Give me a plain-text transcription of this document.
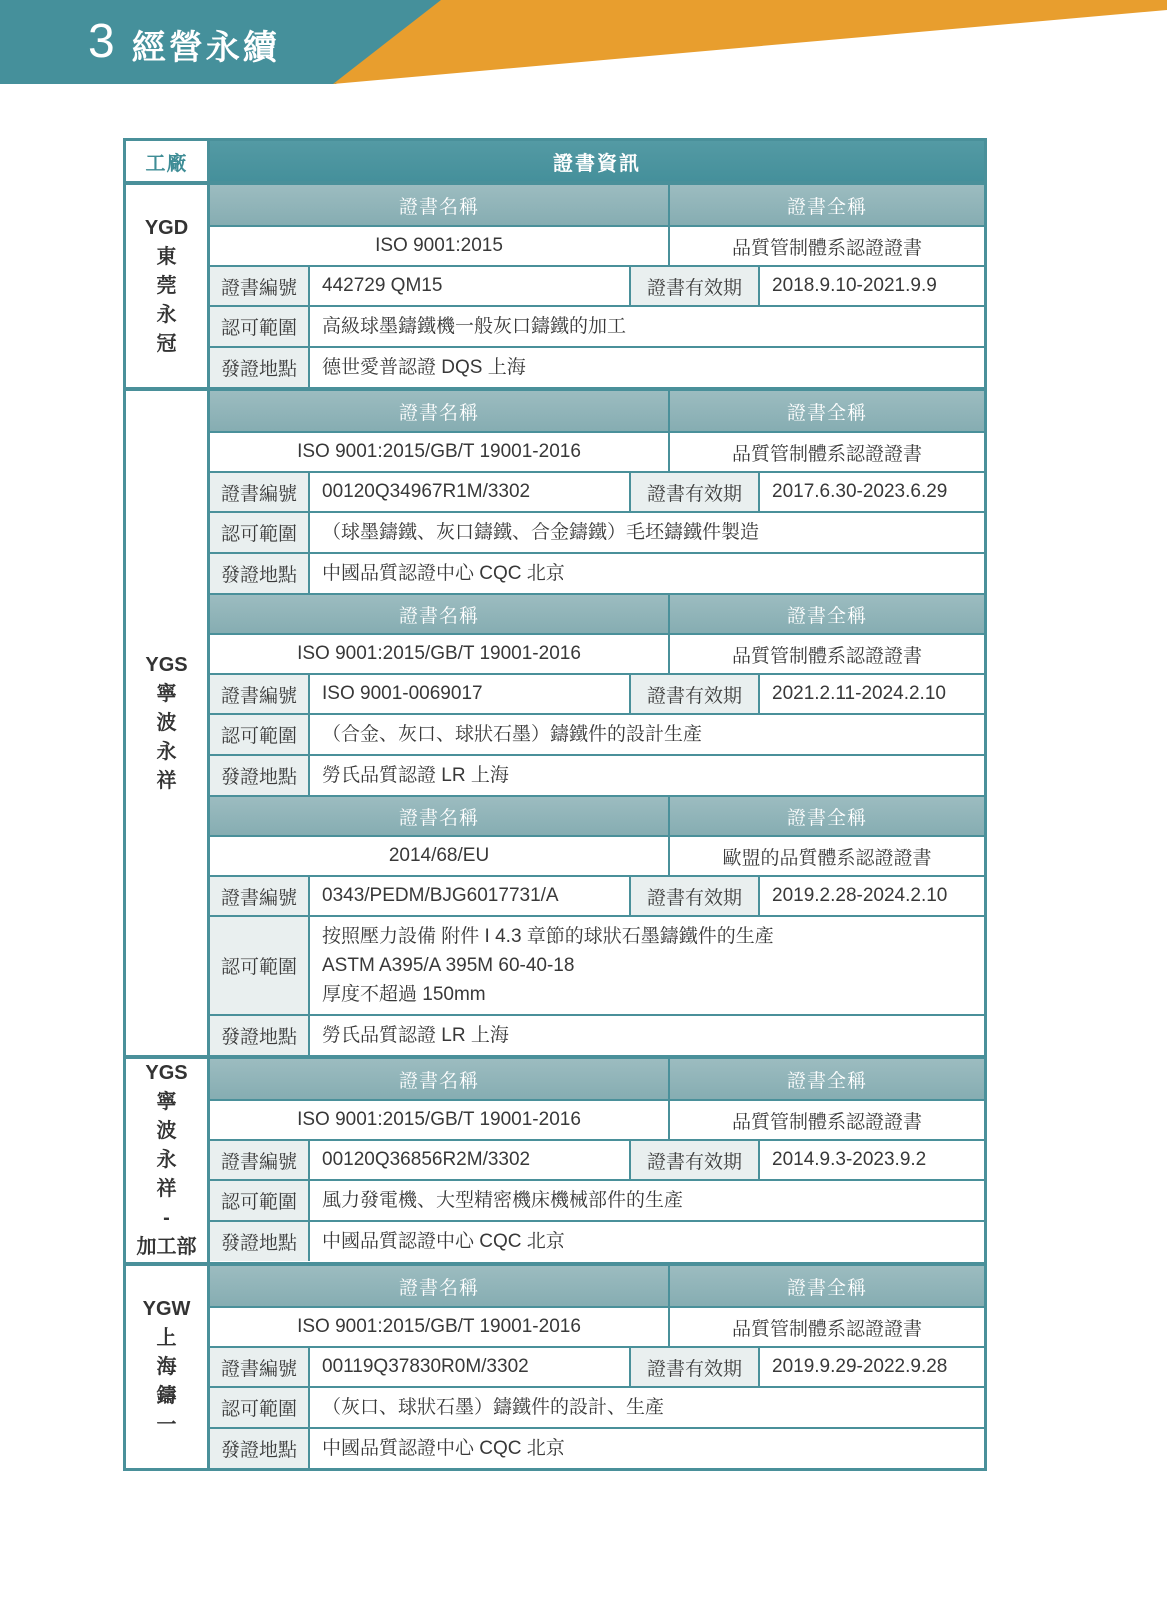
3 經營永續
工廠	證書資訊
YGD
東
莞
永
冠
證書名稱	證書全稱
ISO 9001:2015	品質管制體系認證證書
證書編號	442729 QM15	證書有效期	2018.9.10-2021.9.9
認可範圍	高級球墨鑄鐵機一般灰口鑄鐵的加工
發證地點	德世愛普認證 DQS 上海
YGS
寧
波
永
祥
證書名稱	證書全稱
ISO 9001:2015/GB/T 19001-2016	品質管制體系認證證書
證書編號	00120Q34967R1M/3302	證書有效期	2017.6.30-2023.6.29
認可範圍	（球墨鑄鐵、灰口鑄鐵、合金鑄鐵）毛坯鑄鐵件製造
發證地點	中國品質認證中心 CQC 北京
證書名稱	證書全稱
ISO 9001:2015/GB/T 19001-2016	品質管制體系認證證書
證書編號	ISO 9001-0069017	證書有效期	2021.2.11-2024.2.10
認可範圍	（合金、灰口、球狀石墨）鑄鐵件的設計生產
發證地點	勞氏品質認證 LR 上海
證書名稱	證書全稱
2014/68/EU	歐盟的品質體系認證證書
證書編號	0343/PEDM/BJG6017731/A	證書有效期	2019.2.28-2024.2.10
認可範圍
按照壓力設備 附件 I 4.3 章節的球狀石墨鑄鐵件的生產
ASTM A395/A 395M 60-40-18
厚度不超過 150mm
發證地點	勞氏品質認證 LR 上海
YGS
寧
波
永
祥
-
加工部
證書名稱	證書全稱
ISO 9001:2015/GB/T 19001-2016	品質管制體系認證證書
證書編號	00120Q36856R2M/3302	證書有效期	2014.9.3-2023.9.2
認可範圍	風力發電機、大型精密機床機械部件的生產
發證地點	中國品質認證中心 CQC 北京
YGW
上
海
鑄
一
證書名稱	證書全稱
ISO 9001:2015/GB/T 19001-2016	品質管制體系認證證書
證書編號	00119Q37830R0M/3302	證書有效期	2019.9.29-2022.9.28
認可範圍	（灰口、球狀石墨）鑄鐵件的設計、生產
發證地點	中國品質認證中心 CQC 北京
